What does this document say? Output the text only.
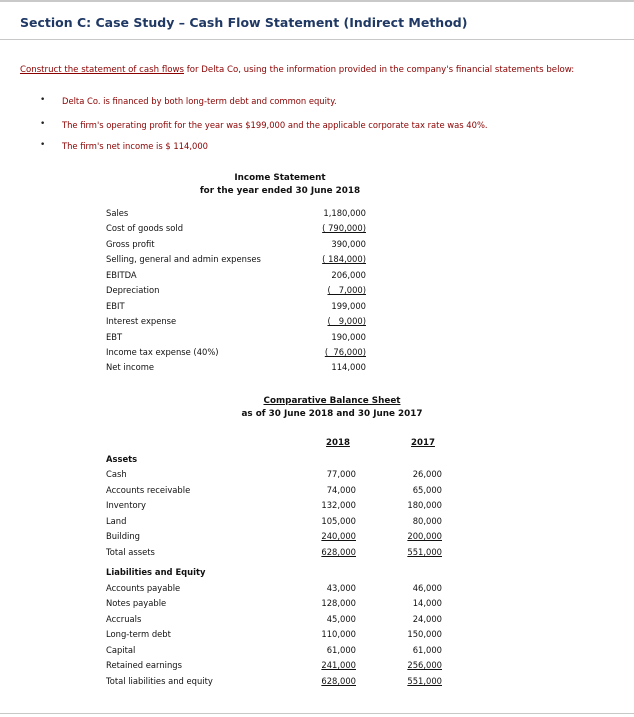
Section C: Case Study – Cash Flow Statement (Indirect Method)
Construct the statement of cash flows for Delta Co, using the information provided in the company's financial statements below:
• Delta Co. is financed by both long-term debt and common equity.
• The firm's operating profit for the year was $199,000 and the applicable corporate tax rate was 40%.
• The firm's net income is $ 114,000
Income Statement
for the year ended 30 June 2018
Sales	1,180,000
Cost of goods sold	( 790,000)
Gross profit	390,000
Selling, general and admin expenses	( 184,000)
EBITDA	206,000
Depreciation	(   7,000)
EBIT	199,000
Interest expense	(   9,000)
EBT	190,000
Income tax expense (40%)	(  76,000)
Net income	114,000
Comparative Balance Sheet
as of 30 June 2018 and 30 June 2017
2018	2017
Assets
Cash	77,000	26,000
Accounts receivable	74,000	65,000
Inventory	132,000	180,000
Land	105,000	80,000
Building	240,000	200,000
Total assets	628,000	551,000
Liabilities and Equity
Accounts payable	43,000	46,000
Notes payable	128,000	14,000
Accruals	45,000	24,000
Long-term debt	110,000	150,000
Capital	61,000	61,000
Retained earnings	241,000	256,000
Total liabilities and equity	628,000	551,000
